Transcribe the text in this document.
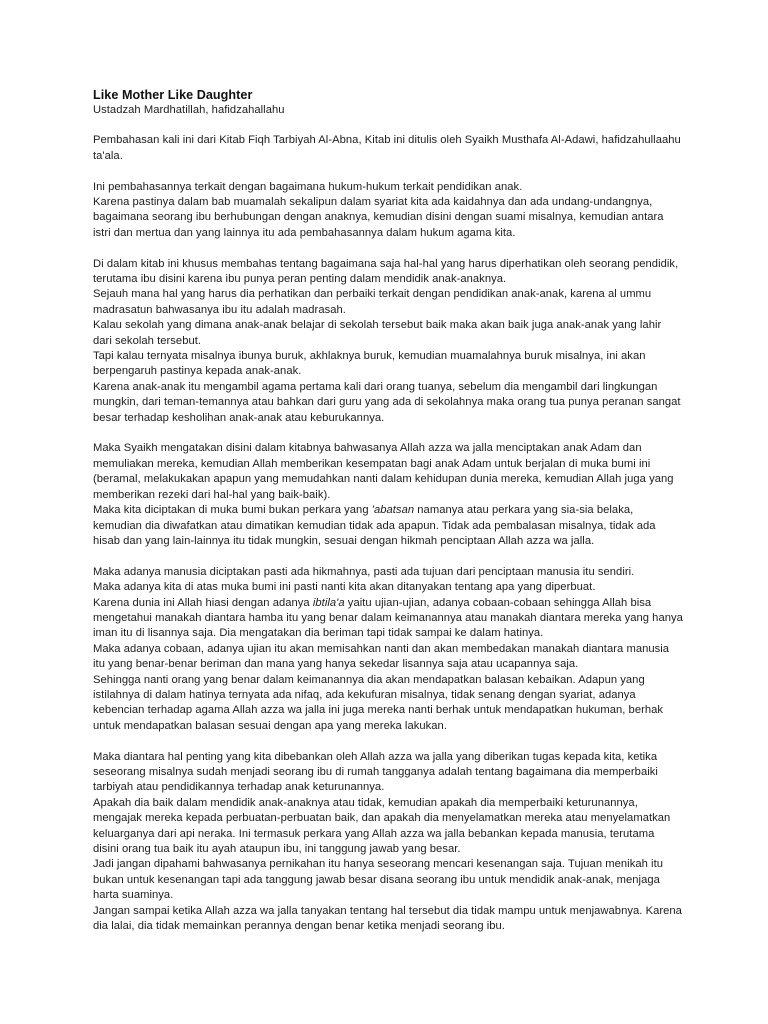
Like Mother Like Daughter

Ustadzah Mardhatillah, hafidzahallahu

Pembahasan kali ini dari Kitab Fiqh Tarbiyah Al-Abna, Kitab ini ditulis oleh Syaikh Musthafa Al-Adawi, hafidzahullaahu ta'ala.
Ini pembahasannya terkait dengan bagaimana hukum-hukum terkait pendidikan anak.
Karena pastinya dalam bab muamalah sekalipun dalam syariat kita ada kaidahnya dan ada undang-undangnya, bagaimana seorang ibu berhubungan dengan anaknya, kemudian disini dengan suami misalnya, kemudian antara istri dan mertua dan yang lainnya itu ada pembahasannya dalam hukum agama kita.
Di dalam kitab ini khusus membahas tentang bagaimana saja hal-hal yang harus diperhatikan oleh seorang pendidik, terutama ibu disini karena ibu punya peran penting dalam mendidik anak-anaknya.
Sejauh mana hal yang harus dia perhatikan dan perbaiki terkait dengan pendidikan anak-anak, karena al ummu madrasatun bahwasanya ibu itu adalah madrasah.
Kalau sekolah yang dimana anak-anak belajar di sekolah tersebut baik maka akan baik juga anak-anak yang lahir dari sekolah tersebut.
Tapi kalau ternyata misalnya ibunya buruk, akhlaknya buruk, kemudian muamalahnya buruk misalnya, ini akan berpengaruh pastinya kepada anak-anak.
Karena anak-anak itu mengambil agama pertama kali dari orang tuanya, sebelum dia mengambil dari lingkungan mungkin, dari teman-temannya atau bahkan dari guru yang ada di sekolahnya maka orang tua punya peranan sangat besar terhadap kesholihan anak-anak atau keburukannya.
Maka Syaikh mengatakan disini dalam kitabnya bahwasanya Allah azza wa jalla menciptakan anak Adam dan memuliakan mereka, kemudian Allah memberikan kesempatan bagi anak Adam untuk berjalan di muka bumi ini (beramal, melakukakan apapun yang memudahkan nanti dalam kehidupan dunia mereka, kemudian Allah juga yang memberikan rezeki dari hal-hal yang baik-baik).
Maka kita diciptakan di muka bumi bukan perkara yang 'abatsan namanya atau perkara yang sia-sia belaka, kemudian dia diwafatkan atau dimatikan kemudian tidak ada apapun. Tidak ada pembalasan misalnya, tidak ada hisab dan yang lain-lainnya itu tidak mungkin, sesuai dengan hikmah penciptaan Allah azza wa jalla.
Maka adanya manusia diciptakan pasti ada hikmahnya, pasti ada tujuan dari penciptaan manusia itu sendiri.
Maka adanya kita di atas muka bumi ini pasti nanti kita akan ditanyakan tentang apa yang diperbuat.
Karena dunia ini Allah hiasi dengan adanya ibtila'a yaitu ujian-ujian, adanya cobaan-cobaan sehingga Allah bisa mengetahui manakah diantara hamba itu yang benar dalam keimanannya atau manakah diantara mereka yang hanya iman itu di lisannya saja. Dia mengatakan dia beriman tapi tidak sampai ke dalam hatinya.
Maka adanya cobaan, adanya ujian itu akan memisahkan nanti dan akan membedakan manakah diantara manusia itu yang benar-benar beriman dan mana yang hanya sekedar lisannya saja atau ucapannya saja.
Sehingga nanti orang yang benar dalam keimanannya dia akan mendapatkan balasan kebaikan. Adapun yang istilahnya di dalam hatinya ternyata ada nifaq, ada kekufuran misalnya, tidak senang dengan syariat, adanya kebencian terhadap agama Allah azza wa jalla ini juga mereka nanti berhak untuk mendapatkan hukuman, berhak untuk mendapatkan balasan sesuai dengan apa yang mereka lakukan.
Maka diantara hal penting yang kita dibebankan oleh Allah azza wa jalla yang diberikan tugas kepada kita, ketika seseorang misalnya sudah menjadi seorang ibu di rumah tangganya adalah tentang bagaimana dia memperbaiki tarbiyah atau pendidikannya terhadap anak keturunannya.
Apakah dia baik dalam mendidik anak-anaknya atau tidak, kemudian apakah dia memperbaiki keturunannya, mengajak mereka kepada perbuatan-perbuatan baik, dan apakah dia menyelamatkan mereka atau menyelamatkan keluarganya dari api neraka. Ini termasuk perkara yang Allah azza wa jalla bebankan kepada manusia, terutama disini orang tua baik itu ayah ataupun ibu, ini tanggung jawab yang besar.
Jadi jangan dipahami bahwasanya pernikahan itu hanya seseorang mencari kesenangan saja. Tujuan menikah itu bukan untuk kesenangan tapi ada tanggung jawab besar disana seorang ibu untuk mendidik anak-anak, menjaga harta suaminya.
Jangan sampai ketika Allah azza wa jalla tanyakan tentang hal tersebut dia tidak mampu untuk menjawabnya. Karena dia lalai, dia tidak memainkan perannya dengan benar ketika menjadi seorang ibu.
